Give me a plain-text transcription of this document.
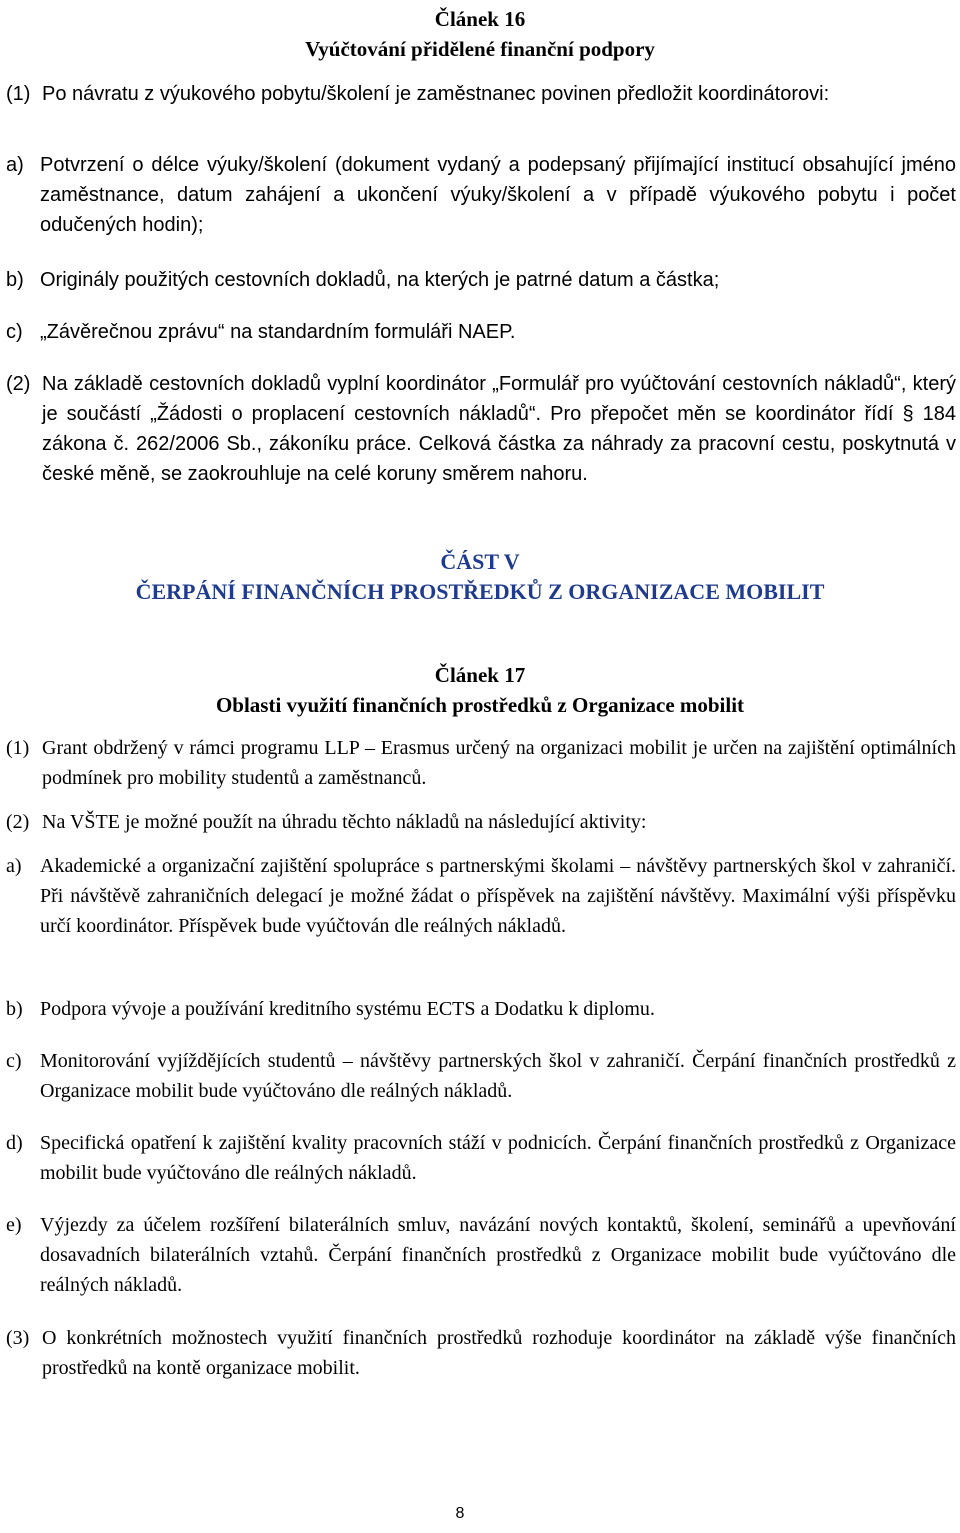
Článek 16
Vyúčtování přidělené finanční podpory
(1) Po návratu z výukového pobytu/školení je zaměstnanec povinen předložit koordinátorovi:
a) Potvrzení o délce výuky/školení (dokument vydaný a podepsaný přijímající institucí obsahující jméno zaměstnance, datum zahájení a ukončení výuky/školení a v případě výukového pobytu i počet odučených hodin);
b) Originály použitých cestovních dokladů, na kterých je patrné datum a částka;
c) „Závěrečnou zprávu“ na standardním formuláři NAEP.
(2) Na základě cestovních dokladů vyplní koordinátor „Formulář pro vyúčtování cestovních nákladů“, který je součástí „Žádosti o proplacení cestovních nákladů“. Pro přepočet měn se koordinátor řídí § 184 zákona č. 262/2006 Sb., zákoníku práce. Celková částka za náhrady za pracovní cestu, poskytnutá v české měně, se zaokrouhluje na celé koruny směrem nahoru.
ČÁST V
ČERPÁNÍ FINANČNÍCH PROSTŘEDKŮ Z ORGANIZACE MOBILIT
Článek 17
Oblasti využití finančních prostředků z Organizace mobilit
(1) Grant obdržený v rámci programu LLP – Erasmus určený na organizaci mobilit je určen na zajištění optimálních podmínek pro mobility studentů a zaměstnanců.
(2) Na VŠTE je možné použít na úhradu těchto nákladů na následující aktivity:
a) Akademické a organizační zajištění spolupráce s partnerskými školami – návštěvy partnerských škol v zahraničí. Při návštěvě zahraničních delegací je možné žádat o příspěvek na zajištění návštěvy. Maximální výši příspěvku určí koordinátor. Příspěvek bude vyúčtován dle reálných nákladů.
b) Podpora vývoje a používání kreditního systému ECTS a Dodatku k diplomu.
c) Monitorování vyjíždějících studentů – návštěvy partnerských škol v zahraničí. Čerpání finančních prostředků z Organizace mobilit bude vyúčtováno dle reálných nákladů.
d) Specifická opatření k zajištění kvality pracovních stáží v podnicích. Čerpání finančních prostředků z Organizace mobilit bude vyúčtováno dle reálných nákladů.
e) Výjezdy za účelem rozšíření bilaterálních smluv, navázání nových kontaktů, školení, seminářů a upevňování dosavadních bilaterálních vztahů. Čerpání finančních prostředků z Organizace mobilit bude vyúčtováno dle reálných nákladů.
(3) O konkrétních možnostech využití finančních prostředků rozhoduje koordinátor na základě výše finančních prostředků na kontě organizace mobilit.
8
